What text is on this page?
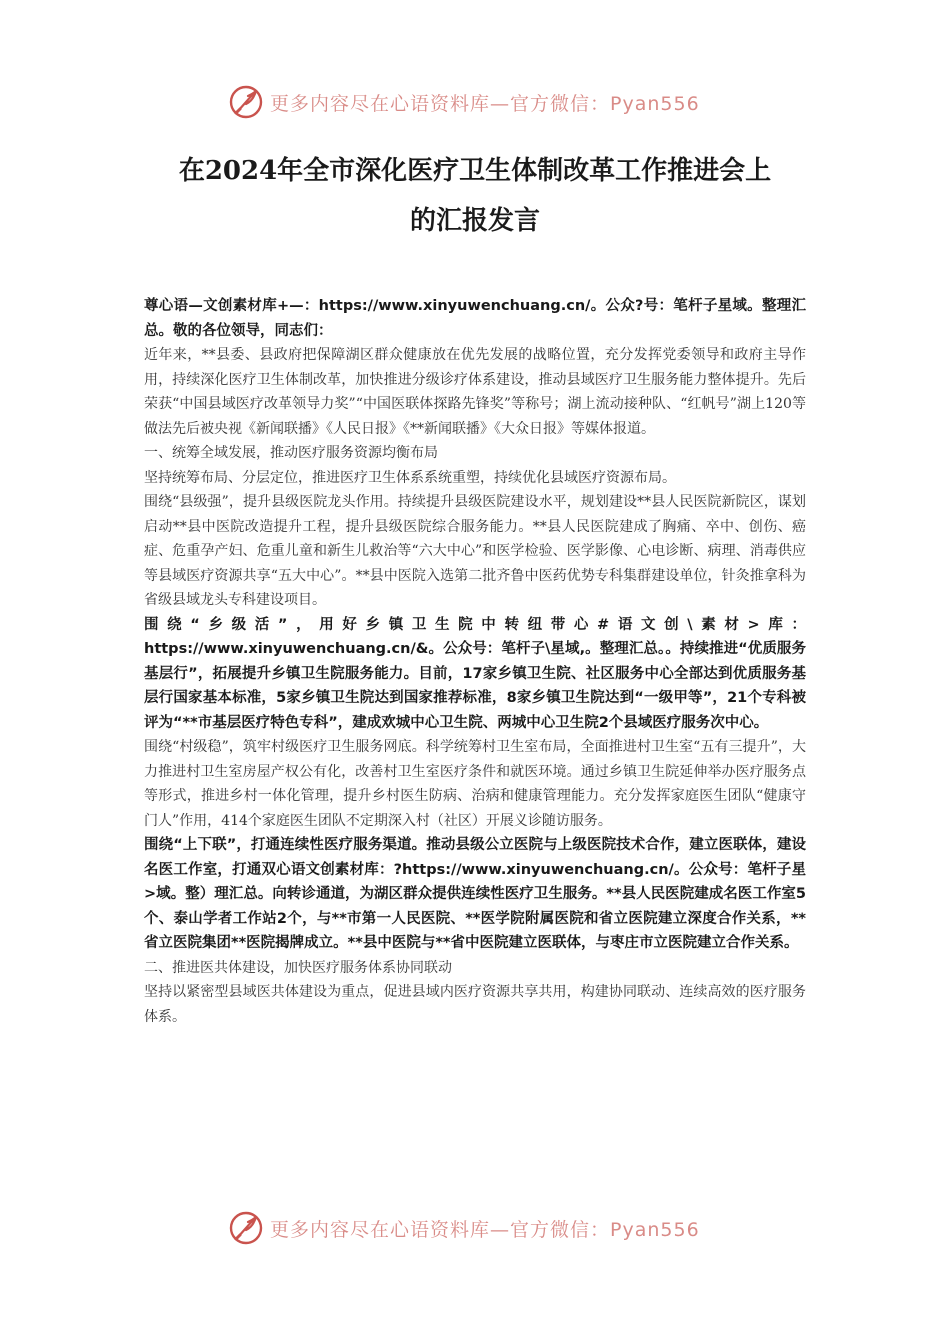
更多内容尽在心语资料库—官方微信：Pyan556
在2024年全市深化医疗卫生体制改革工作推进会上
的汇报发言

尊心语—文创素材库+—：https://www.xinyuwenchuang.cn/。公众?号：笔杆子星域。整理汇总。敬的各位领导，同志们：

近年来，**县委、县政府把保障湖区群众健康放在优先发展的战略位置，充分发挥党委领导和政府主导作用，持续深化医疗卫生体制改革，加快推进分级诊疗体系建设，推动县域医疗卫生服务能力整体提升。先后荣获“中国县域医疗改革领导力奖”“中国医联体探路先锋奖”等称号；湖上流动接种队、“红帆号”湖上120等做法先后被央视《新闻联播》《人民日报》《**新闻联播》《大众日报》等媒体报道。

一、统筹全域发展，推动医疗服务资源均衡布局

坚持统筹布局、分层定位，推进医疗卫生体系系统重塑，持续优化县域医疗资源布局。

围绕“县级强”，提升县级医院龙头作用。持续提升县级医院建设水平，规划建设**县人民医院新院区，谋划启动**县中医院改造提升工程，提升县级医院综合服务能力。**县人民医院建成了胸痛、卒中、创伤、癌症、危重孕产妇、危重儿童和新生儿救治等“六大中心”和医学检验、医学影像、心电诊断、病理、消毒供应等县域医疗资源共享“五大中心”。**县中医院入选第二批齐鲁中医药优势专科集群建设单位，针灸推拿科为省级县域龙头专科建设项目。

围绕“乡级活”，用好乡镇卫生院中转纽带心#语文创\素材>库：https://www.xinyuwenchuang.cn/&。公众号：笔杆子\星域,。整理汇总。。持续推进“优质服务基层行”，拓展提升乡镇卫生院服务能力。目前，17家乡镇卫生院、社区服务中心全部达到优质服务基层行国家基本标准，5家乡镇卫生院达到国家推荐标准，8家乡镇卫生院达到“一级甲等”，21个专科被评为“**市基层医疗特色专科”，建成欢城中心卫生院、两城中心卫生院2个县域医疗服务次中心。

围绕“村级稳”，筑牢村级医疗卫生服务网底。科学统筹村卫生室布局，全面推进村卫生室“五有三提升”，大力推进村卫生室房屋产权公有化，改善村卫生室医疗条件和就医环境。通过乡镇卫生院延伸举办医疗服务点等形式，推进乡村一体化管理，提升乡村医生防病、治病和健康管理能力。充分发挥家庭医生团队“健康守门人”作用，414个家庭医生团队不定期深入村（社区）开展义诊随访服务。

围绕“上下联”，打通连续性医疗服务渠道。推动县级公立医院与上级医院技术合作，建立医联体，建设名医工作室，打通双心语文创素材库：?https://www.xinyuwenchuang.cn/。公众号：笔杆子星>域。整）理汇总。向转诊通道，为湖区群众提供连续性医疗卫生服务。**县人民医院建成名医工作室5个、泰山学者工作站2个，与**市第一人民医院、**医学院附属医院和省立医院建立深度合作关系，**省立医院集团**医院揭牌成立。**县中医院与**省中医院建立医联体，与枣庄市立医院建立合作关系。

二、推进医共体建设，加快医疗服务体系协同联动

坚持以紧密型县域医共体建设为重点，促进县域内医疗资源共享共用，构建协同联动、连续高效的医疗服务体系。

更多内容尽在心语资料库—官方微信：Pyan556
